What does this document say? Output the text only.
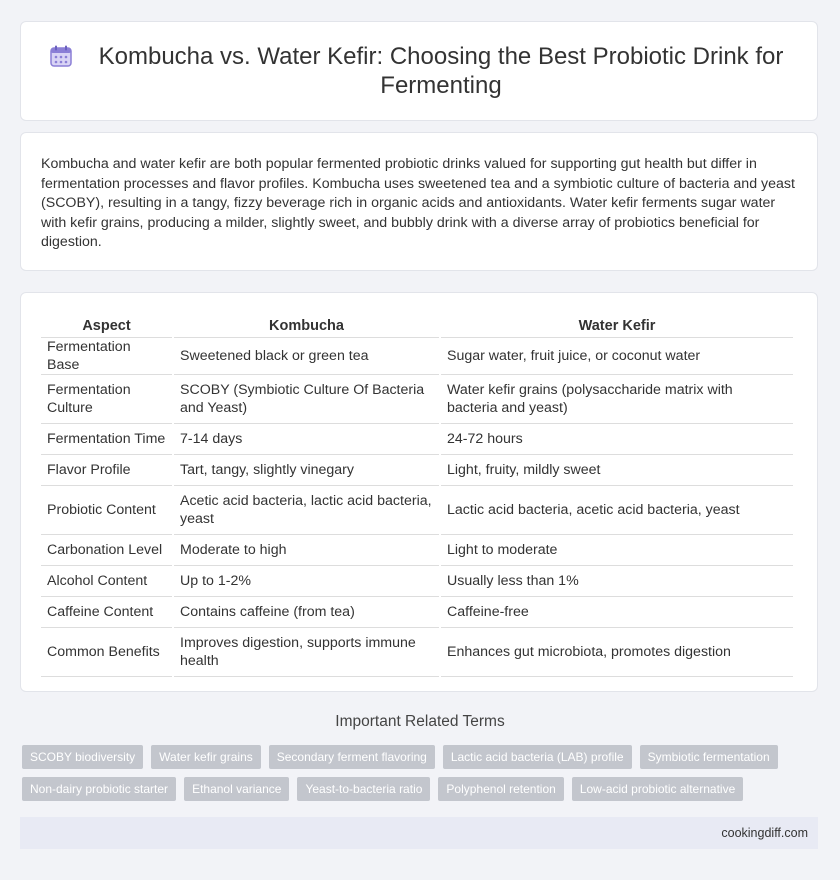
Kombucha vs. Water Kefir: Choosing the Best Probiotic Drink for Fermenting

Kombucha and water kefir are both popular fermented probiotic drinks valued for supporting gut health but differ in fermentation processes and flavor profiles. Kombucha uses sweetened tea and a symbiotic culture of bacteria and yeast (SCOBY), resulting in a tangy, fizzy beverage rich in organic acids and antioxidants. Water kefir ferments sugar water with kefir grains, producing a milder, slightly sweet, and bubbly drink with a diverse array of probiotics beneficial for digestion.

Aspect	Kombucha	Water Kefir
Fermentation Base	Sweetened black or green tea	Sugar water, fruit juice, or coconut water
Fermentation Culture	SCOBY (Symbiotic Culture Of Bacteria and Yeast)	Water kefir grains (polysaccharide matrix with bacteria and yeast)
Fermentation Time	7-14 days	24-72 hours
Flavor Profile	Tart, tangy, slightly vinegary	Light, fruity, mildly sweet
Probiotic Content	Acetic acid bacteria, lactic acid bacteria, yeast	Lactic acid bacteria, acetic acid bacteria, yeast
Carbonation Level	Moderate to high	Light to moderate
Alcohol Content	Up to 1-2%	Usually less than 1%
Caffeine Content	Contains caffeine (from tea)	Caffeine-free
Common Benefits	Improves digestion, supports immune health	Enhances gut microbiota, promotes digestion
Important Related Terms
SCOBY biodiversity	Water kefir grains	Secondary ferment flavoring	Lactic acid bacteria (LAB) profile	Symbiotic fermentation
Non-dairy probiotic starter	Ethanol variance	Yeast-to-bacteria ratio	Polyphenol retention	Low-acid probiotic alternative
cookingdiff.com
